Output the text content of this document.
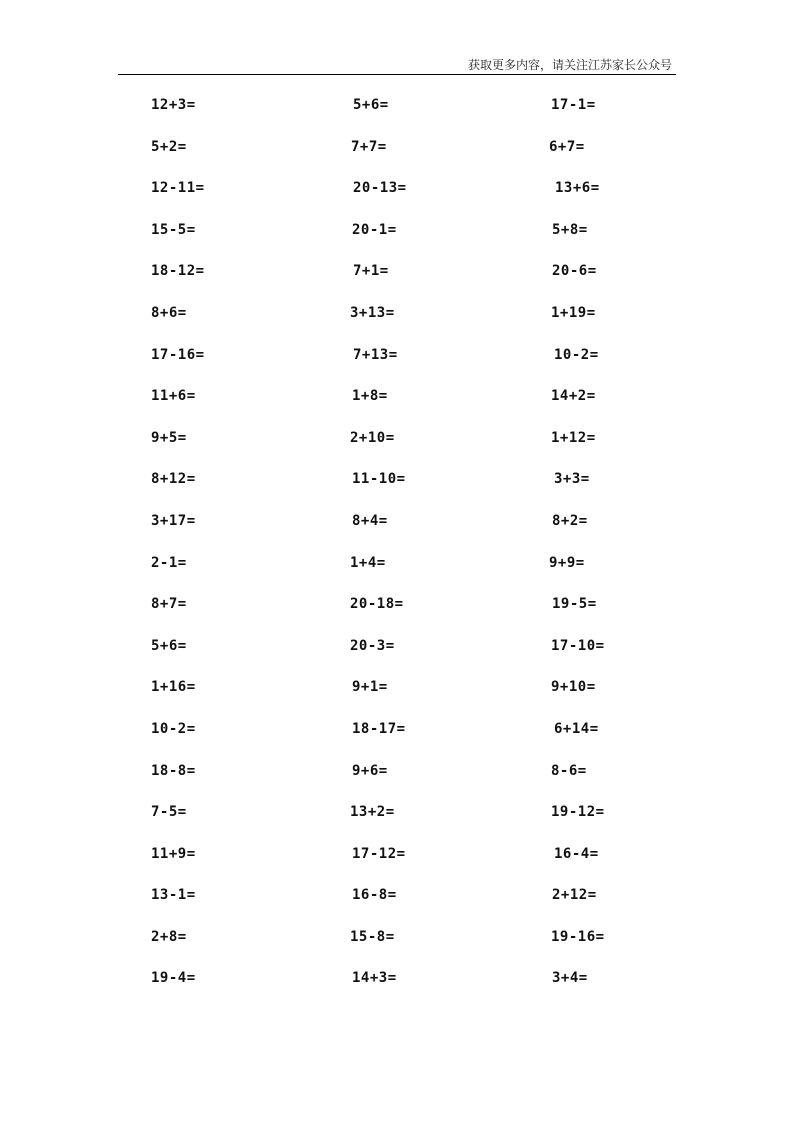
获取更多内容，请关注江苏家长公众号
12+3=	5+6=	17-1=
5+2=	7+7=	6+7=
12-11=	20-13=	13+6=
15-5=	20-1=	5+8=
18-12=	7+1=	20-6=
8+6=	3+13=	1+19=
17-16=	7+13=	10-2=
11+6=	1+8=	14+2=
9+5=	2+10=	1+12=
8+12=	11-10=	3+3=
3+17=	8+4=	8+2=
2-1=	1+4=	9+9=
8+7=	20-18=	19-5=
5+6=	20-3=	17-10=
1+16=	9+1=	9+10=
10-2=	18-17=	6+14=
18-8=	9+6=	8-6=
7-5=	13+2=	19-12=
11+9=	17-12=	16-4=
13-1=	16-8=	2+12=
2+8=	15-8=	19-16=
19-4=	14+3=	3+4=
